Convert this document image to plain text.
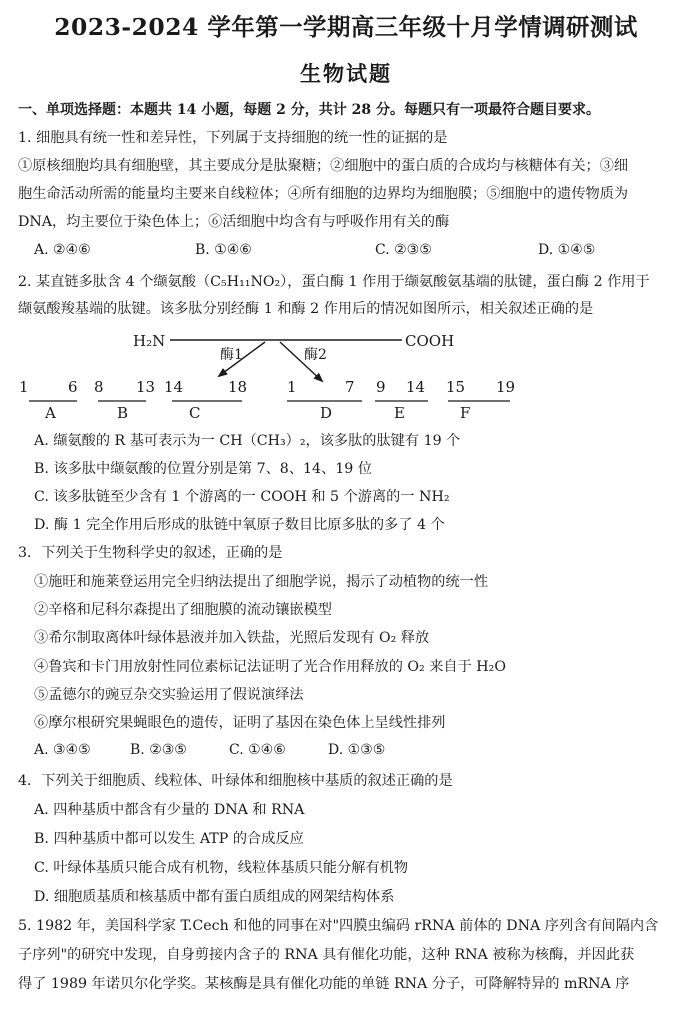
2023-2024 学年第一学期高三年级十月学情调研测试
生物试题
一、单项选择题：本题共 14 小题，每题 2 分，共计 28 分。每题只有一项最符合题目要求。
1. 细胞具有统一性和差异性，下列属于支持细胞的统一性的证据的是
①原核细胞均具有细胞壁，其主要成分是肽聚糖；②细胞中的蛋白质的合成均与核糖体有关；③细
胞生命活动所需的能量均主要来自线粒体；④所有细胞的边界均为细胞膜；⑤细胞中的遗传物质为
DNA，均主要位于染色体上；⑥活细胞中均含有与呼吸作用有关的酶
A. ②④⑥	B. ①④⑥	C. ②③⑤	D. ①④⑤
2. 某直链多肽含 4 个缬氨酸（C₅H₁₁NO₂），蛋白酶 1 作用于缬氨酸氨基端的肽键，蛋白酶 2 作用于
缬氨酸羧基端的肽键。该多肽分别经酶 1 和酶 2 作用后的情况如图所示，相关叙述正确的是
H₂N	COOH
酶1	酶2
1	6
A
8 13
B
14	18
C
1	7
D
9 14
E
15 19
F
A. 缬氨酸的 R 基可表示为一 CH（CH₃）₂，该多肽的肽键有 19 个
B. 该多肽中缬氨酸的位置分别是第 7、8、14、19 位
C. 该多肽链至少含有 1 个游离的一 COOH 和 5 个游离的一 NH₂
D. 酶 1 完全作用后形成的肽链中氧原子数目比原多肽的多了 4 个
3．下列关于生物科学史的叙述，正确的是
①施旺和施莱登运用完全归纳法提出了细胞学说，揭示了动植物的统一性
②辛格和尼科尔森提出了细胞膜的流动镶嵌模型
③希尔制取离体叶绿体悬液并加入铁盐，光照后发现有 O₂ 释放
④鲁宾和卡门用放射性同位素标记法证明了光合作用释放的 O₂ 来自于 H₂O
⑤孟德尔的豌豆杂交实验运用了假说演绎法
⑥摩尔根研究果蝇眼色的遗传，证明了基因在染色体上呈线性排列
A. ③④⑤	B. ②③⑤	C. ①④⑥	D. ①③⑤
4．下列关于细胞质、线粒体、叶绿体和细胞核中基质的叙述正确的是
A. 四种基质中都含有少量的 DNA 和 RNA
B. 四种基质中都可以发生 ATP 的合成反应
C. 叶绿体基质只能合成有机物，线粒体基质只能分解有机物
D. 细胞质基质和核基质中都有蛋白质组成的网架结构体系
5. 1982 年，美国科学家 T.Cech 和他的同事在对"四膜虫编码 rRNA 前体的 DNA 序列含有间隔内含
子序列"的研究中发现，自身剪接内含子的 RNA 具有催化功能，这种 RNA 被称为核酶，并因此获
得了 1989 年诺贝尔化学奖。某核酶是具有催化功能的单链 RNA 分子，可降解特异的 mRNA 序
